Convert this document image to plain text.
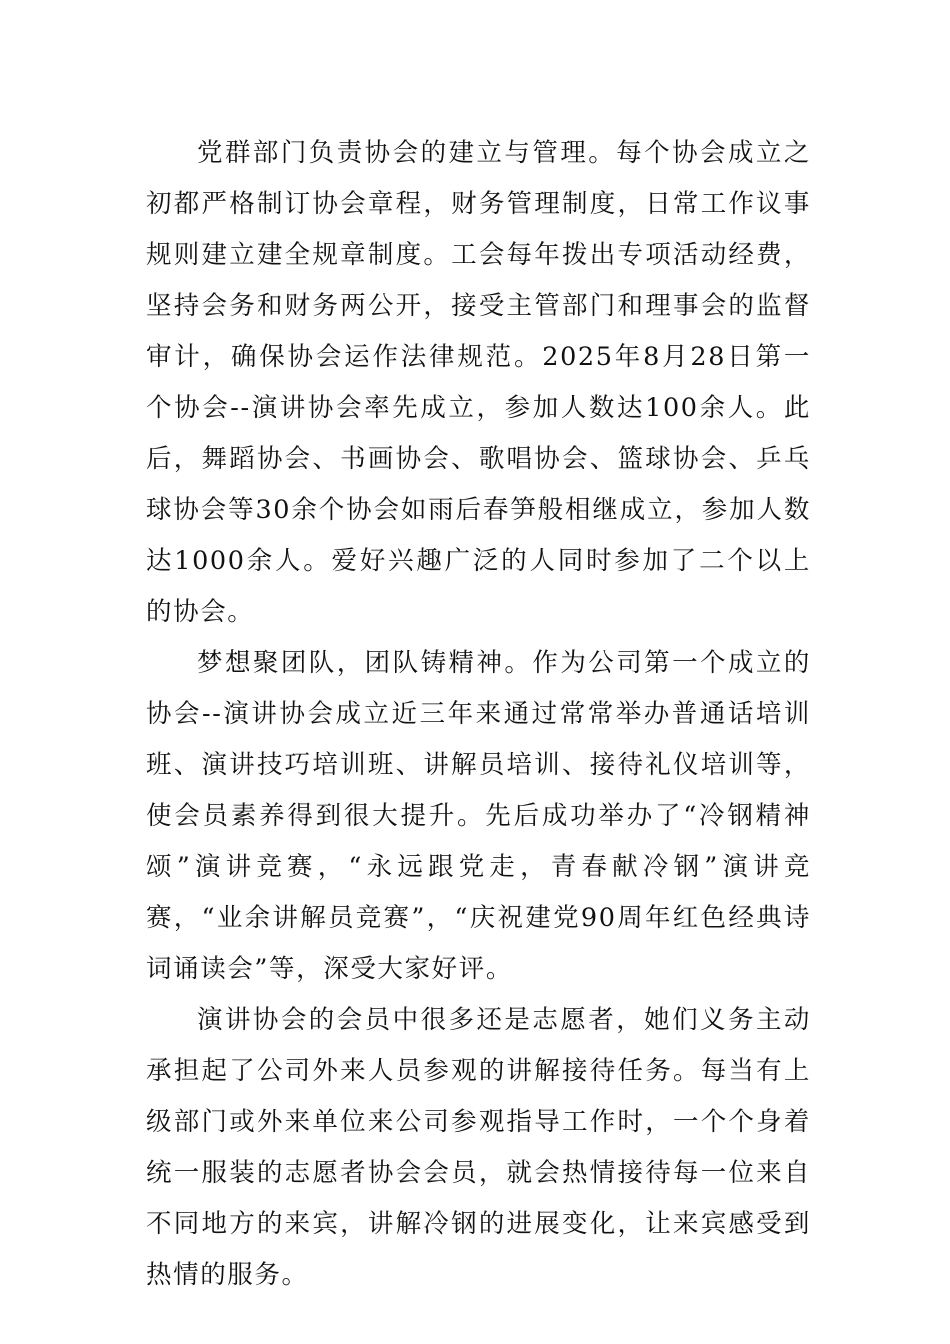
党群部门负责协会的建立与管理。每个协会成立之初都严格制订协会章程，财务管理制度，日常工作议事规则建立建全规章制度。工会每年拨出专项活动经费，坚持会务和财务两公开，接受主管部门和理事会的监督审计，确保协会运作法律规范。2025年8月28日第一个协会--演讲协会率先成立，参加人数达100余人。此后，舞蹈协会、书画协会、歌唱协会、篮球协会、乒乓球协会等30余个协会如雨后春笋般相继成立，参加人数达1000余人。爱好兴趣广泛的人同时参加了二个以上的协会。

梦想聚团队，团队铸精神。作为公司第一个成立的协会--演讲协会成立近三年来通过常常举办普通话培训班、演讲技巧培训班、讲解员培训、接待礼仪培训等，使会员素养得到很大提升。先后成功举办了“冷钢精神颂”演讲竞赛，“永远跟党走，青春献冷钢”演讲竞赛，“业余讲解员竞赛”，“庆祝建党90周年红色经典诗词诵读会”等，深受大家好评。

演讲协会的会员中很多还是志愿者，她们义务主动承担起了公司外来人员参观的讲解接待任务。每当有上级部门或外来单位来公司参观指导工作时，一个个身着统一服装的志愿者协会会员，就会热情接待每一位来自不同地方的来宾，讲解冷钢的进展变化，让来宾感受到热情的服务。
